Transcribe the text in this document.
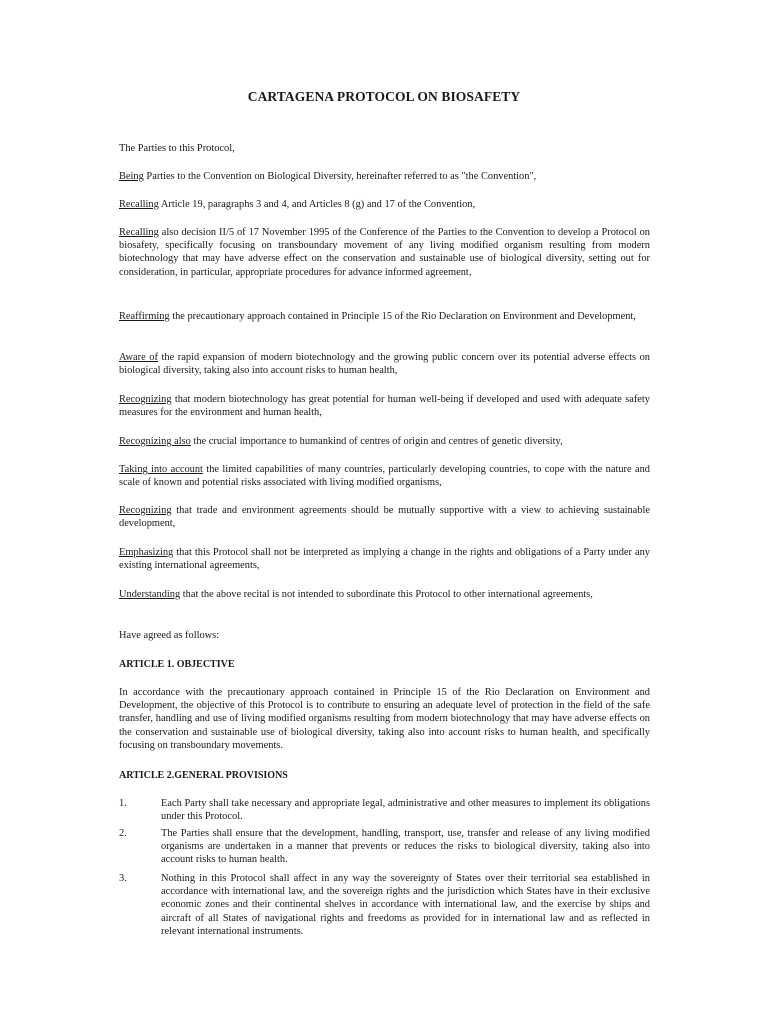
CARTAGENA PROTOCOL ON BIOSAFETY

The Parties to this Protocol,

Being Parties to the Convention on Biological Diversity, hereinafter referred to as "the Convention",

Recalling Article 19, paragraphs 3 and 4, and Articles 8 (g) and 17 of the Convention,

Recalling also decision II/5 of 17 November 1995 of the Conference of the Parties to the Convention to develop a Protocol on biosafety, specifically focusing on transboundary movement of any living modified organism resulting from modern biotechnology that may have adverse effect on the conservation and sustainable use of biological diversity, setting out for consideration, in particular, appropriate procedures for advance informed agreement,

Reaffirming the precautionary approach contained in Principle 15 of the Rio Declaration on Environment and Development,

Aware of the rapid expansion of modern biotechnology and the growing public concern over its potential adverse effects on biological diversity, taking also into account risks to human health,

Recognizing that modern biotechnology has great potential for human well-being if developed and used with adequate safety measures for the environment and human health,

Recognizing also the crucial importance to humankind of centres of origin and centres of genetic diversity,

Taking into account the limited capabilities of many countries, particularly developing countries, to cope with the nature and scale of known and potential risks associated with living modified organisms,

Recognizing that trade and environment agreements should be mutually supportive with a view to achieving sustainable development,

Emphasizing that this Protocol shall not be interpreted as implying a change in the rights and obligations of a Party under any existing international agreements,

Understanding that the above recital is not intended to subordinate this Protocol to other international agreements,

Have agreed as follows:

ARTICLE 1. OBJECTIVE

In accordance with the precautionary approach contained in Principle 15 of the Rio Declaration on Environment and Development, the objective of this Protocol is to contribute to ensuring an adequate level of protection in the field of the safe transfer, handling and use of living modified organisms resulting from modern biotechnology that may have adverse effects on the conservation and sustainable use of biological diversity, taking also into account risks to human health, and specifically focusing on transboundary movements.

ARTICLE 2.GENERAL PROVISIONS
1.	Each Party shall take necessary and appropriate legal, administrative and other measures to implement its obligations under this Protocol.

2.	The Parties shall ensure that the development, handling, transport, use, transfer and release of any living modified organisms are undertaken in a manner that prevents or reduces the risks to biological diversity, taking also into account risks to human health.

3.	Nothing in this Protocol shall affect in any way the sovereignty of States over their territorial sea established in accordance with international law, and the sovereign rights and the jurisdiction which States have in their exclusive economic zones and their continental shelves in accordance with international law, and the exercise by ships and aircraft of all States of navigational rights and freedoms as provided for in international law and as reflected in relevant international instruments.
